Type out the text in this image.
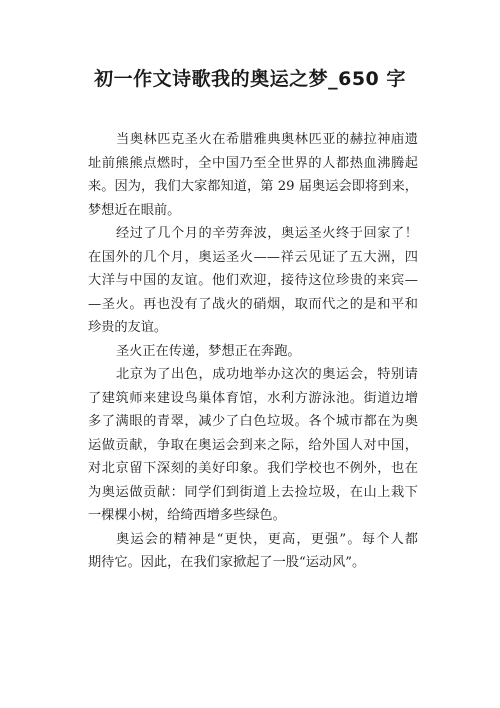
初一作文诗歌我的奥运之梦_650 字
当奥林匹克圣火在希腊雅典奥林匹亚的赫拉神庙遗
址前熊熊点燃时，全中国乃至全世界的人都热血沸腾起
来。因为，我们大家都知道，第 29 届奥运会即将到来，
梦想近在眼前。
经过了几个月的辛劳奔波，奥运圣火终于回家了！
在国外的几个月，奥运圣火——祥云见证了五大洲，四
大洋与中国的友谊。他们欢迎，接待这位珍贵的来宾—
—圣火。再也没有了战火的硝烟，取而代之的是和平和
珍贵的友谊。
圣火正在传递，梦想正在奔跑。
北京为了出色，成功地举办这次的奥运会，特别请
了建筑师来建设鸟巢体育馆，水利方游泳池。街道边增
多了满眼的青翠，减少了白色垃圾。各个城市都在为奥
运做贡献，争取在奥运会到来之际，给外国人对中国，
对北京留下深刻的美好印象。我们学校也不例外，也在
为奥运做贡献：同学们到街道上去捡垃圾，在山上栽下
一棵棵小树，给绮西增多些绿色。
奥运会的精神是“更快，更高，更强”。每个人都
期待它。因此，在我们家掀起了一股“运动风”。
